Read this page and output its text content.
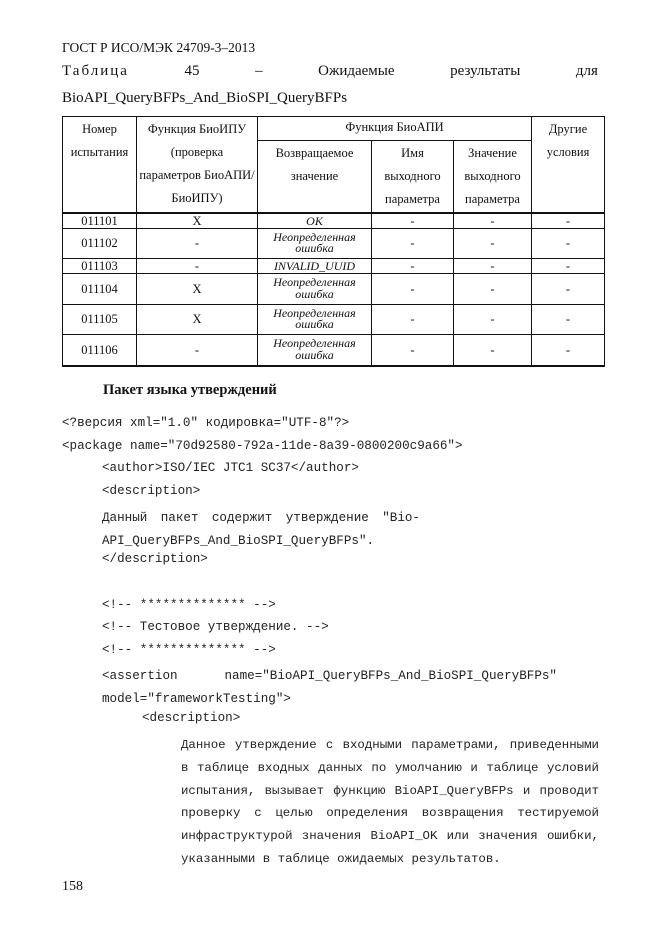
ГОСТ Р ИСО/МЭК 24709-3–2013
Таблица	45	–	Ожидаемые	результаты	для
BioAPI_QueryBFPs_And_BioSPI_QueryBFPs
Номер испытания	Функция БиоИПУ (проверка параметров БиоАПИ/БиоИПУ)	Функция БиоАПИ			Другие условия
		Возвращаемое значение	Имя выходного параметра	Значение выходного параметра	
011101	X	OK	-	-	-
011102	-	Неопределенная ошибка	-	-	-
011103	-	INVALID_UUID	-	-	-
011104	X	Неопределенная ошибка	-	-	-
011105	X	Неопределенная ошибка	-	-	-
011106	-	Неопределенная ошибка	-	-	-
Пакет языка утверждений
<?версия xml="1.0" кодировка="UTF-8"?>
<package name="70d92580-792a-11de-8a39-0800200c9a66">
<author>ISO/IEC JTC1 SC37</author>
<description>
Данный пакет содержит утверждение "Bio-API_QueryBFPs_And_BioSPI_QueryBFPs".
</description>
<!-- ************** -->
<!-- Тестовое утверждение. -->
<!-- ************** -->
<assertion name="BioAPI_QueryBFPs_And_BioSPI_QueryBFPs" model="frameworkTesting">
<description>
Данное утверждение с входными параметрами, приведенными в таблице входных данных по умолчанию и таблице условий испытания, вызывает функцию BioAPI_QueryBFPs и проводит проверку с целью определения возвращения тестируемой инфраструктурой значения BioAPI_OK или значения ошибки, указанными в таблице ожидаемых результатов.
158
